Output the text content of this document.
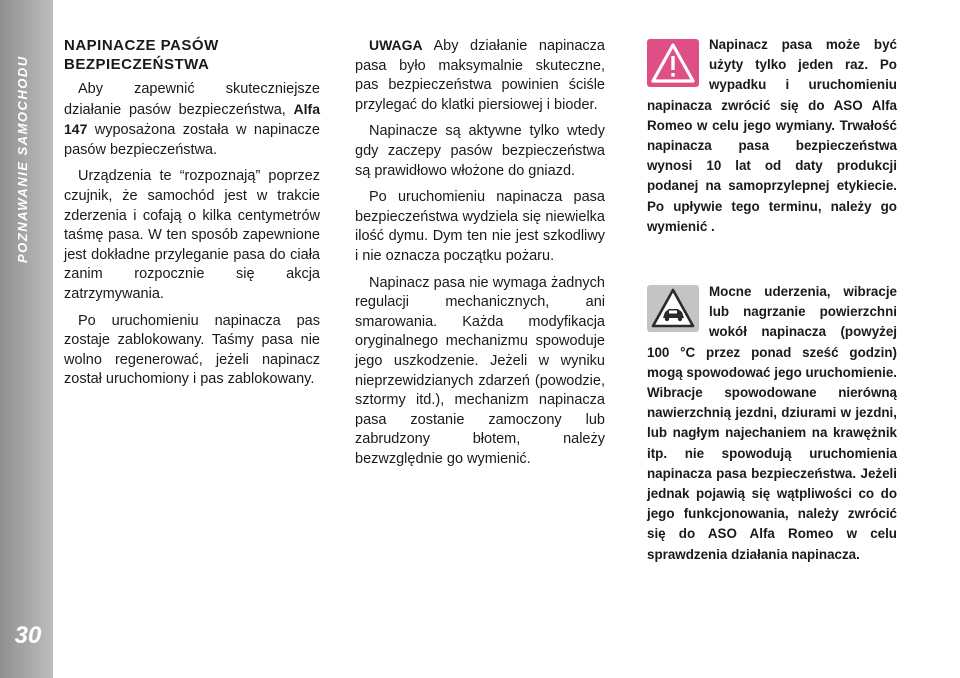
POZNAWANIE SAMOCHODU
30
NAPINACZE PASÓW
BEZPIECZEŃSTWA

Aby zapewnić skuteczniejsze działanie pasów bezpieczeństwa, Alfa 147 wyposażona została w napinacze pasów bezpieczeństwa.

Urządzenia te “rozpoznają” poprzez czujnik, że samochód jest w trakcie zderzenia i cofają o kilka centymetrów taśmę pasa. W ten sposób zapewnione jest dokładne przyleganie pasa do ciała zanim rozpocznie się akcja zatrzymywania.

Po uruchomieniu napinacza pas zostaje zablokowany. Taśmy pasa nie wolno regenerować, jeżeli napinacz został uruchomiony i pas zablokowany.

UWAGA Aby działanie napinacza pasa było maksymalnie skuteczne, pas bezpieczeństwa powinien ściśle przylegać do klatki piersiowej i bioder.

Napinacze są aktywne tylko wtedy gdy zaczepy pasów bezpieczeństwa są prawidłowo włożone do gniazd.

Po uruchomieniu napinacza pasa bezpieczeństwa wydziela się niewielka ilość dymu. Dym ten nie jest szkodliwy i nie oznacza początku pożaru.

Napinacz pasa nie wymaga żadnych regulacji mechanicznych, ani smarowania. Każda modyfikacja oryginalnego mechanizmu spowoduje jego uszkodzenie. Jeżeli w wyniku nieprzewidzianych zdarzeń (powodzie, sztormy itd.), mechanizm napinacza pasa zostanie zamoczony lub zabrudzony błotem, należy bezwzględnie go wymienić.

Napinacz pasa może być użyty tylko jeden raz. Po wypadku i uruchomieniu napinacza zwrócić się do ASO Alfa Romeo w celu jego wymiany. Trwałość napinacza pasa bezpieczeństwa wynosi 10 lat od daty produkcji podanej na samoprzylepnej etykiecie. Po upływie tego terminu, należy go wymienić .

Mocne uderzenia, wibracje lub nagrzanie powierzchni wokół napinacza (powyżej 100 °C przez ponad sześć godzin) mogą spowodować jego uruchomienie. Wibracje spowodowane nierówną nawierzchnią jezdni, dziurami w jezdni, lub nagłym najechaniem na krawężnik itp. nie spowodują uruchomienia napinacza pasa bezpieczeństwa. Jeżeli jednak pojawią się wątpliwości co do jego funkcjonowania, należy zwrócić się do ASO Alfa Romeo w celu sprawdzenia działania napinacza.
